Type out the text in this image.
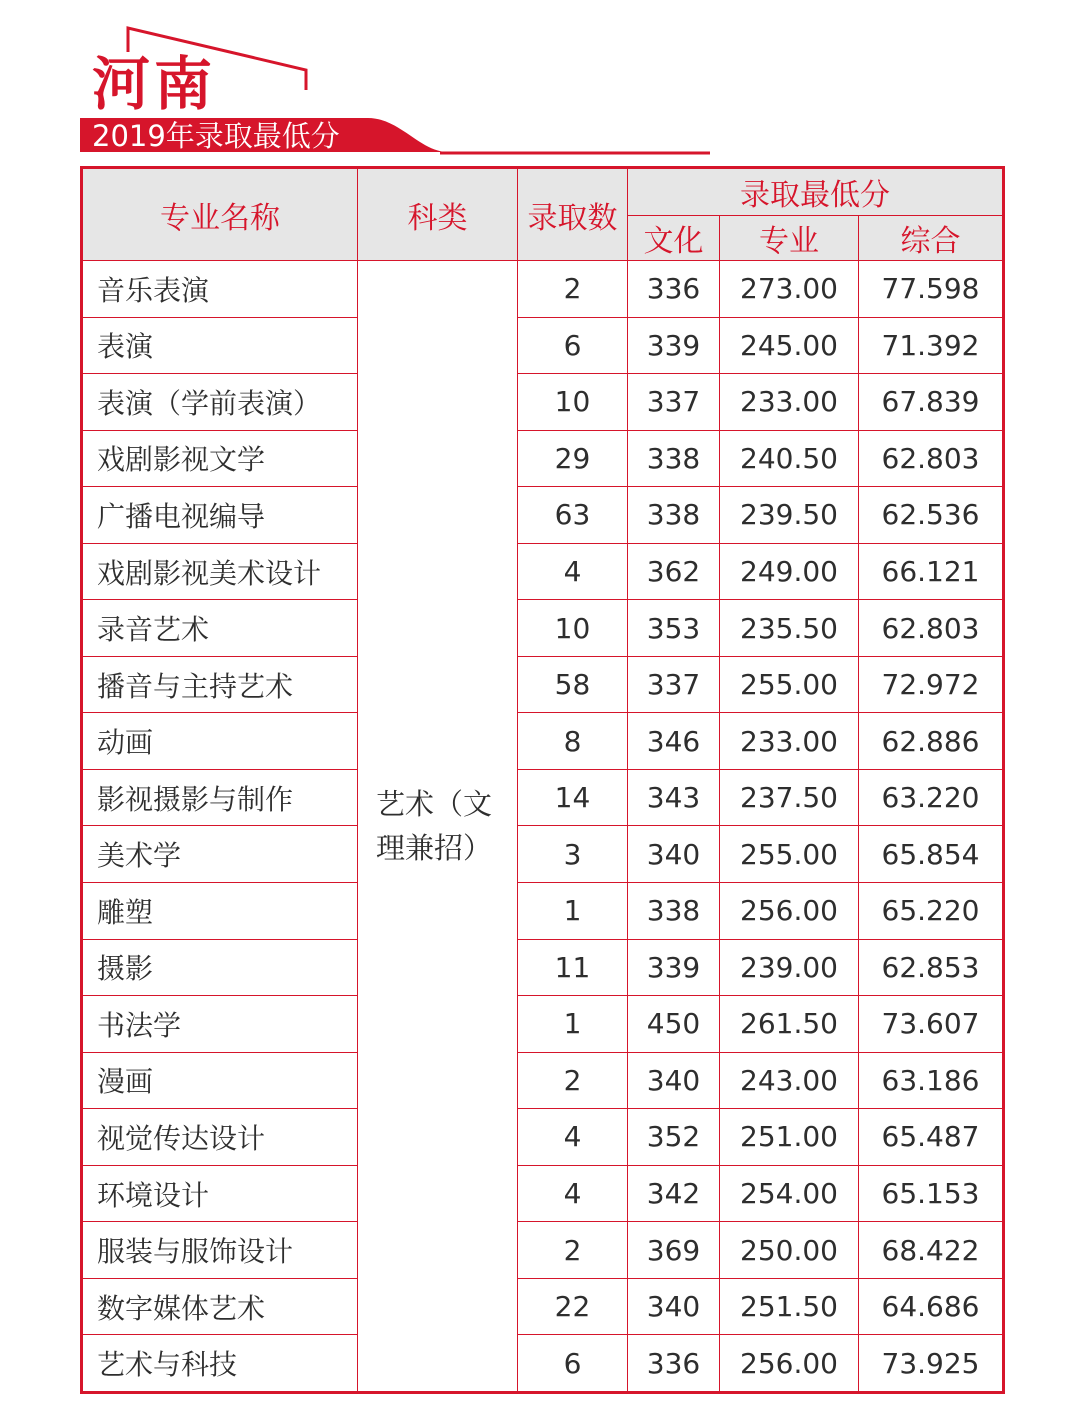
河南
2019年录取最低分
专业名称	科类	录取数	录取最低分		
			文化	专业	综合
音乐表演	艺术（文理兼招）	2	336	273.00	77.598
表演		6	339	245.00	71.392
表演（学前表演）		10	337	233.00	67.839
戏剧影视文学		29	338	240.50	62.803
广播电视编导		63	338	239.50	62.536
戏剧影视美术设计		4	362	249.00	66.121
录音艺术		10	353	235.50	62.803
播音与主持艺术		58	337	255.00	72.972
动画		8	346	233.00	62.886
影视摄影与制作		14	343	237.50	63.220
美术学		3	340	255.00	65.854
雕塑		1	338	256.00	65.220
摄影		11	339	239.00	62.853
书法学		1	450	261.50	73.607
漫画		2	340	243.00	63.186
视觉传达设计		4	352	251.00	65.487
环境设计		4	342	254.00	65.153
服装与服饰设计		2	369	250.00	68.422
数字媒体艺术		22	340	251.50	64.686
艺术与科技		6	336	256.00	73.925
